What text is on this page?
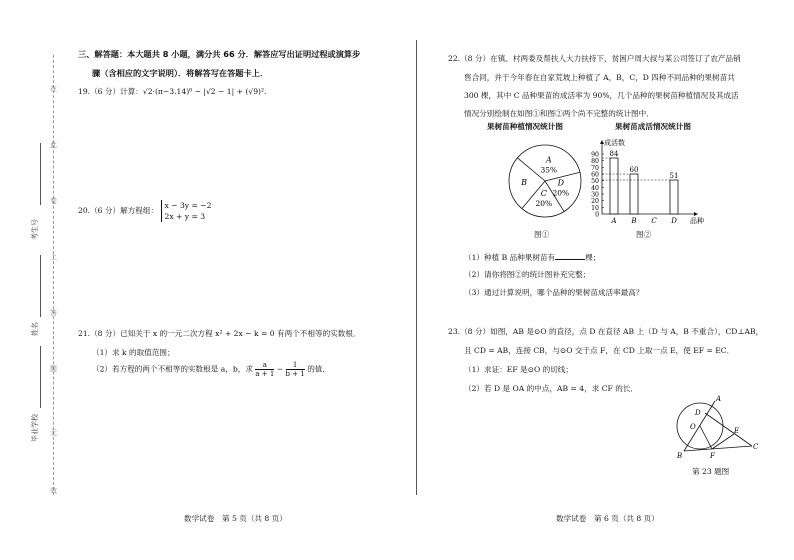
在
此
卷
上
答
题
无
效
考生号
姓名
毕业学校
三、解答题：本大题共 8 小题，满分共 66 分．解答应写出证明过程或演算步
骤（含相应的文字说明）．将解答写在答题卡上．
19.（6 分）计算：√2·(π−3.14)⁰ − |√2 − 1| + (√9)².
20.（6 分）解方程组：
x − 3y = −2
2x + y = 3
21.（8 分）已知关于 x 的一元二次方程 x² + 2x − k = 0 有两个不相等的实数根．
（1）求 k 的取值范围；
（2）若方程的两个不相等的实数根是 a，b，求 $\frac{a}{a + 1} - \frac{1}{b + 1}$ 的值．
数学试卷　第 5 页（共 8 页）
22.（8 分）在镇、村两委及帮扶人大力扶持下，贫困户周大叔与某公司签订了农产品销
售合同，并于今年春在自家荒坡上种植了 A，B，C，D 四种不同品种的果树苗共
300 棵，其中 C 品种果苗的成活率为 90%，几个品种的果树苗种植情况及其成活
情况分别绘制在如图①和图②两个尚不完整的统计图中．
果树苗种植情况统计图	果树苗成活情况统计图
A
35%
B
C
20%
D
20%
图①
成活数
品种
0
10
20
30
40
50
60
70
80
90
A
84
B
60
C D
51
图②
（1）种植 B 品种果树苗有	棵；
（2）请你将图②的统计图补充完整；
（3）通过计算说明，哪个品种的果树苗成活率最高？
23.（8 分）如图，AB 是⊙O 的直径，点 D 在直径 AB 上（D 与 A，B 不重合），CD⊥AB，
且 CD = AB，连接 CB，与⊙O 交于点 F，在 CD 上取一点 E，使 EF = EC．
（1）求证：EF 是⊙O 的切线；
（2）若 D 是 OA 的中点，AB = 4，求 CF 的长．
A
D
O	E
C
F
B
第 23 题图
数学试卷　第 6 页（共 8 页）
